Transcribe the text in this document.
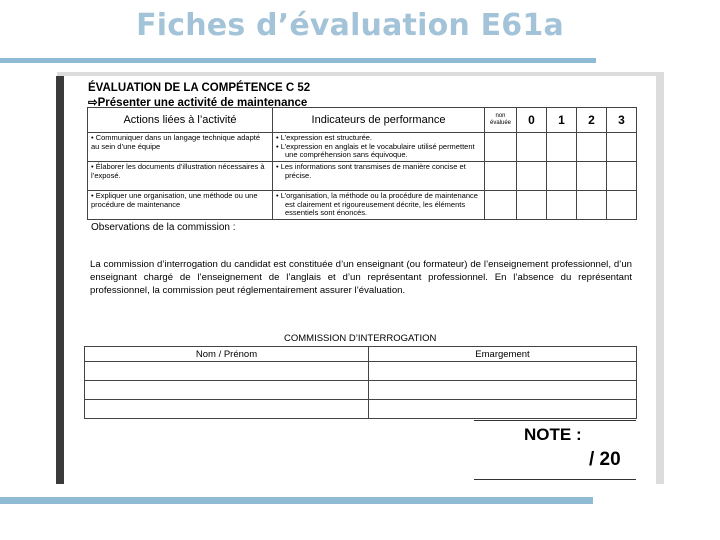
Fiches d’évaluation E61a
ÉVALUATION DE LA COMPÉTENCE C 52
⇨Présenter une activité de maintenance
Actions liées à l’activité	Indicateurs de performance	non évaluée	0	1	2	3
• Communiquer dans un langage technique adapté au sein d’une équipe	• L’expression est structurée.
• L’expression en anglais et le vocabulaire utilisé permettent une compréhension sans équivoque.					

• Élaborer les documents d’illustration nécessaires à l’exposé.	• Les informations sont transmises de manière concise et précise.					

• Expliquer une organisation, une méthode ou une procédure de maintenance	• L’organisation, la méthode ou la procédure de maintenance est clairement et rigoureusement décrite, les éléments essentiels sont énoncés.					

Observations de la commission :
La commission d’interrogation du candidat est constituée d’un enseignant (ou formateur) de l’enseignement professionnel, d’un enseignant chargé de l’enseignement de l’anglais et d’un représentant professionnel. En l’absence du représentant professionnel, la commission peut réglementairement assurer l’évaluation.

Nom / Prénom	Emargement

COMMISSION D’INTERROGATION
NOTE :
/ 20
